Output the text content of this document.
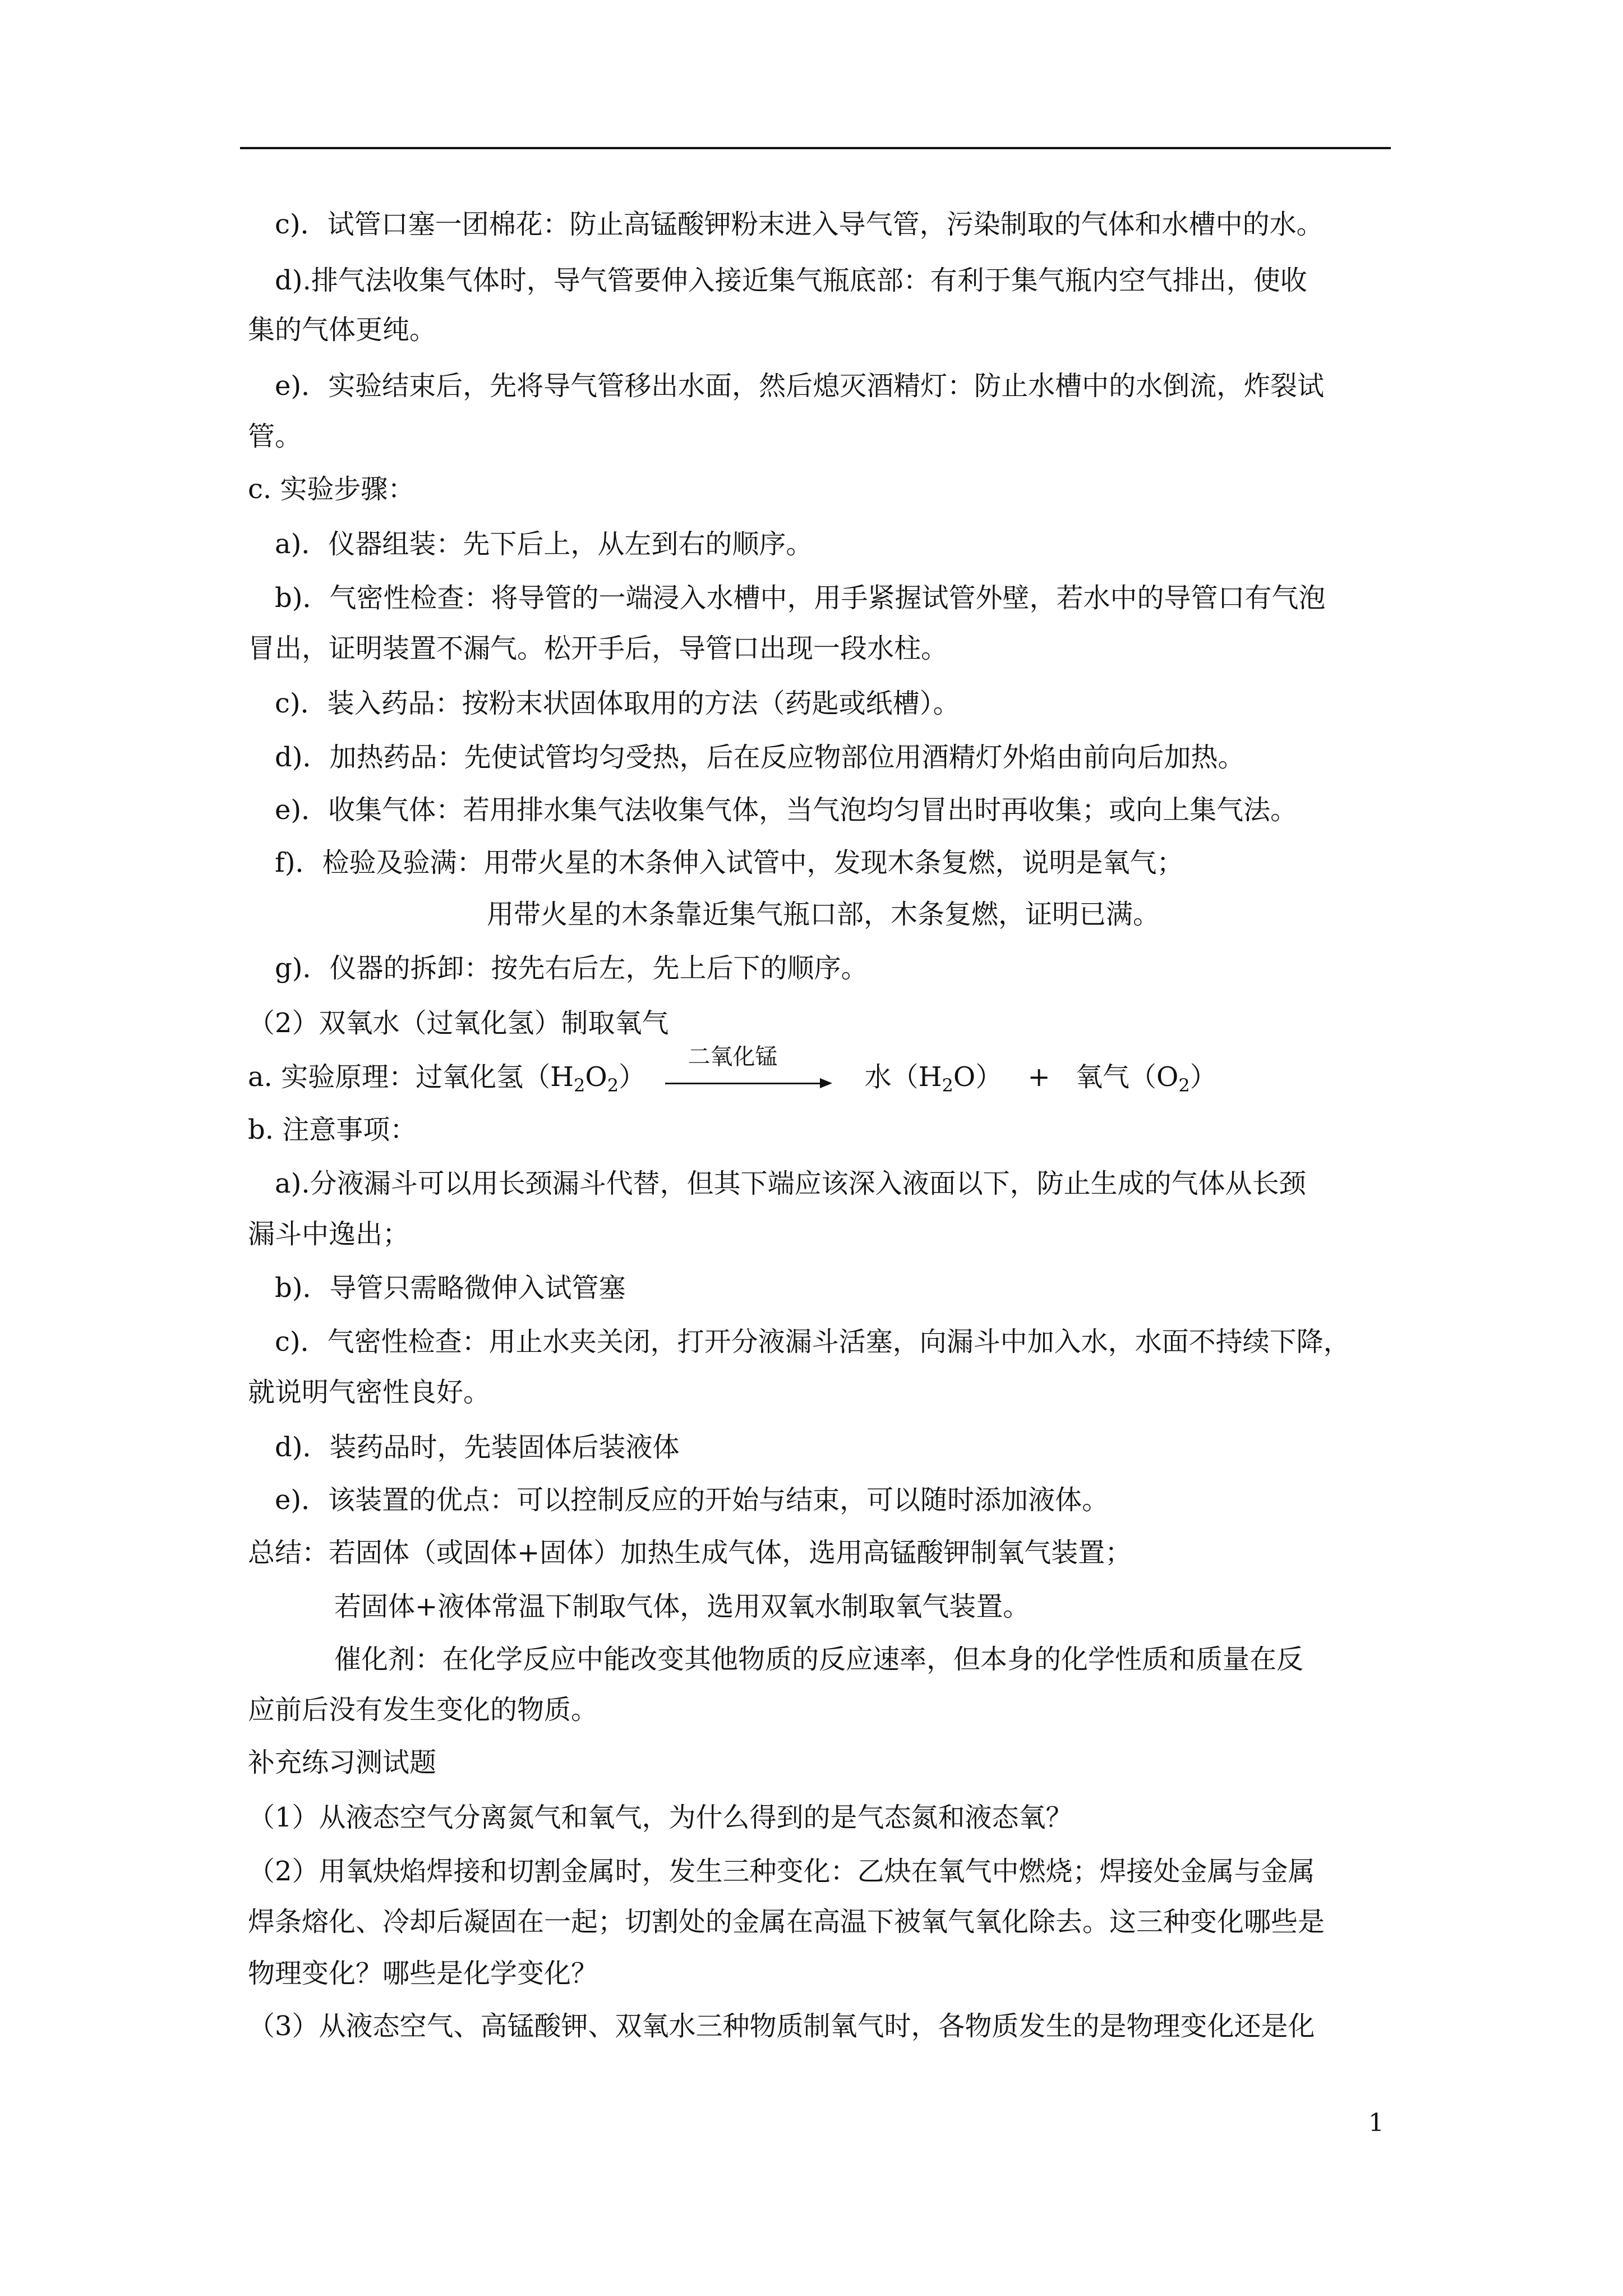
c)．试管口塞一团棉花：防止高锰酸钾粉末进入导气管，污染制取的气体和水槽中的水。
d).排气法收集气体时，导气管要伸入接近集气瓶底部：有利于集气瓶内空气排出，使收
集的气体更纯。
e)．实验结束后，先将导气管移出水面，然后熄灭酒精灯：防止水槽中的水倒流，炸裂试
管。
c. 实验步骤：
a)．仪器组装：先下后上，从左到右的顺序。
b)．气密性检查：将导管的一端浸入水槽中，用手紧握试管外壁，若水中的导管口有气泡
冒出，证明装置不漏气。松开手后，导管口出现一段水柱。
c)．装入药品：按粉末状固体取用的方法（药匙或纸槽）。
d)．加热药品：先使试管均匀受热，后在反应物部位用酒精灯外焰由前向后加热。
e)．收集气体：若用排水集气法收集气体，当气泡均匀冒出时再收集；或向上集气法。
f)．检验及验满：用带火星的木条伸入试管中，发现木条复燃，说明是氧气；
用带火星的木条靠近集气瓶口部，木条复燃，证明已满。
g)．仪器的拆卸：按先右后左，先上后下的顺序。
（2）双氧水（过氧化氢）制取氧气
a. 实验原理：过氧化氢$(H_2O_2)$
二氧化锰
水$(H_2O)$ + 氧气$(O_2)$
b. 注意事项：
a).分液漏斗可以用长颈漏斗代替，但其下端应该深入液面以下，防止生成的气体从长颈
漏斗中逸出；
b)．导管只需略微伸入试管塞
c)．气密性检查：用止水夹关闭，打开分液漏斗活塞，向漏斗中加入水，水面不持续下降，
就说明气密性良好。
d)．装药品时，先装固体后装液体
e)．该装置的优点：可以控制反应的开始与结束，可以随时添加液体。
总结：若固体（或固体+固体）加热生成气体，选用高锰酸钾制氧气装置；
若固体+液体常温下制取气体，选用双氧水制取氧气装置。
催化剂：在化学反应中能改变其他物质的反应速率，但本身的化学性质和质量在反
应前后没有发生变化的物质。
补充练习测试题
（1）从液态空气分离氮气和氧气，为什么得到的是气态氮和液态氧？
（2）用氧炔焰焊接和切割金属时，发生三种变化：乙炔在氧气中燃烧；焊接处金属与金属
焊条熔化、冷却后凝固在一起；切割处的金属在高温下被氧气氧化除去。这三种变化哪些是
物理变化？哪些是化学变化？
（3）从液态空气、高锰酸钾、双氧水三种物质制氧气时，各物质发生的是物理变化还是化
1
